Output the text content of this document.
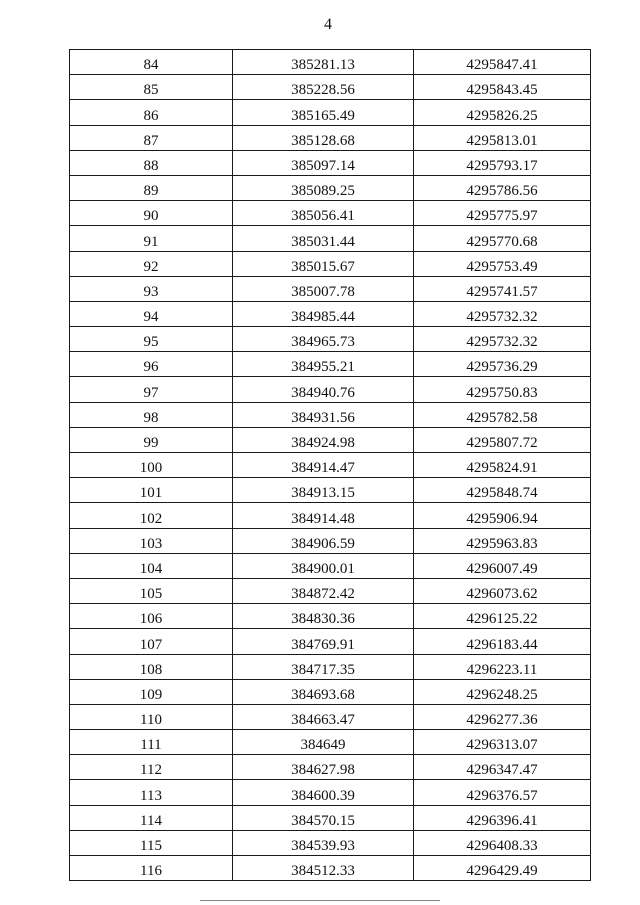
4
84	385281.13	4295847.41
85	385228.56	4295843.45
86	385165.49	4295826.25
87	385128.68	4295813.01
88	385097.14	4295793.17
89	385089.25	4295786.56
90	385056.41	4295775.97
91	385031.44	4295770.68
92	385015.67	4295753.49
93	385007.78	4295741.57
94	384985.44	4295732.32
95	384965.73	4295732.32
96	384955.21	4295736.29
97	384940.76	4295750.83
98	384931.56	4295782.58
99	384924.98	4295807.72
100	384914.47	4295824.91
101	384913.15	4295848.74
102	384914.48	4295906.94
103	384906.59	4295963.83
104	384900.01	4296007.49
105	384872.42	4296073.62
106	384830.36	4296125.22
107	384769.91	4296183.44
108	384717.35	4296223.11
109	384693.68	4296248.25
110	384663.47	4296277.36
111	384649	4296313.07
112	384627.98	4296347.47
113	384600.39	4296376.57
114	384570.15	4296396.41
115	384539.93	4296408.33
116	384512.33	4296429.49
